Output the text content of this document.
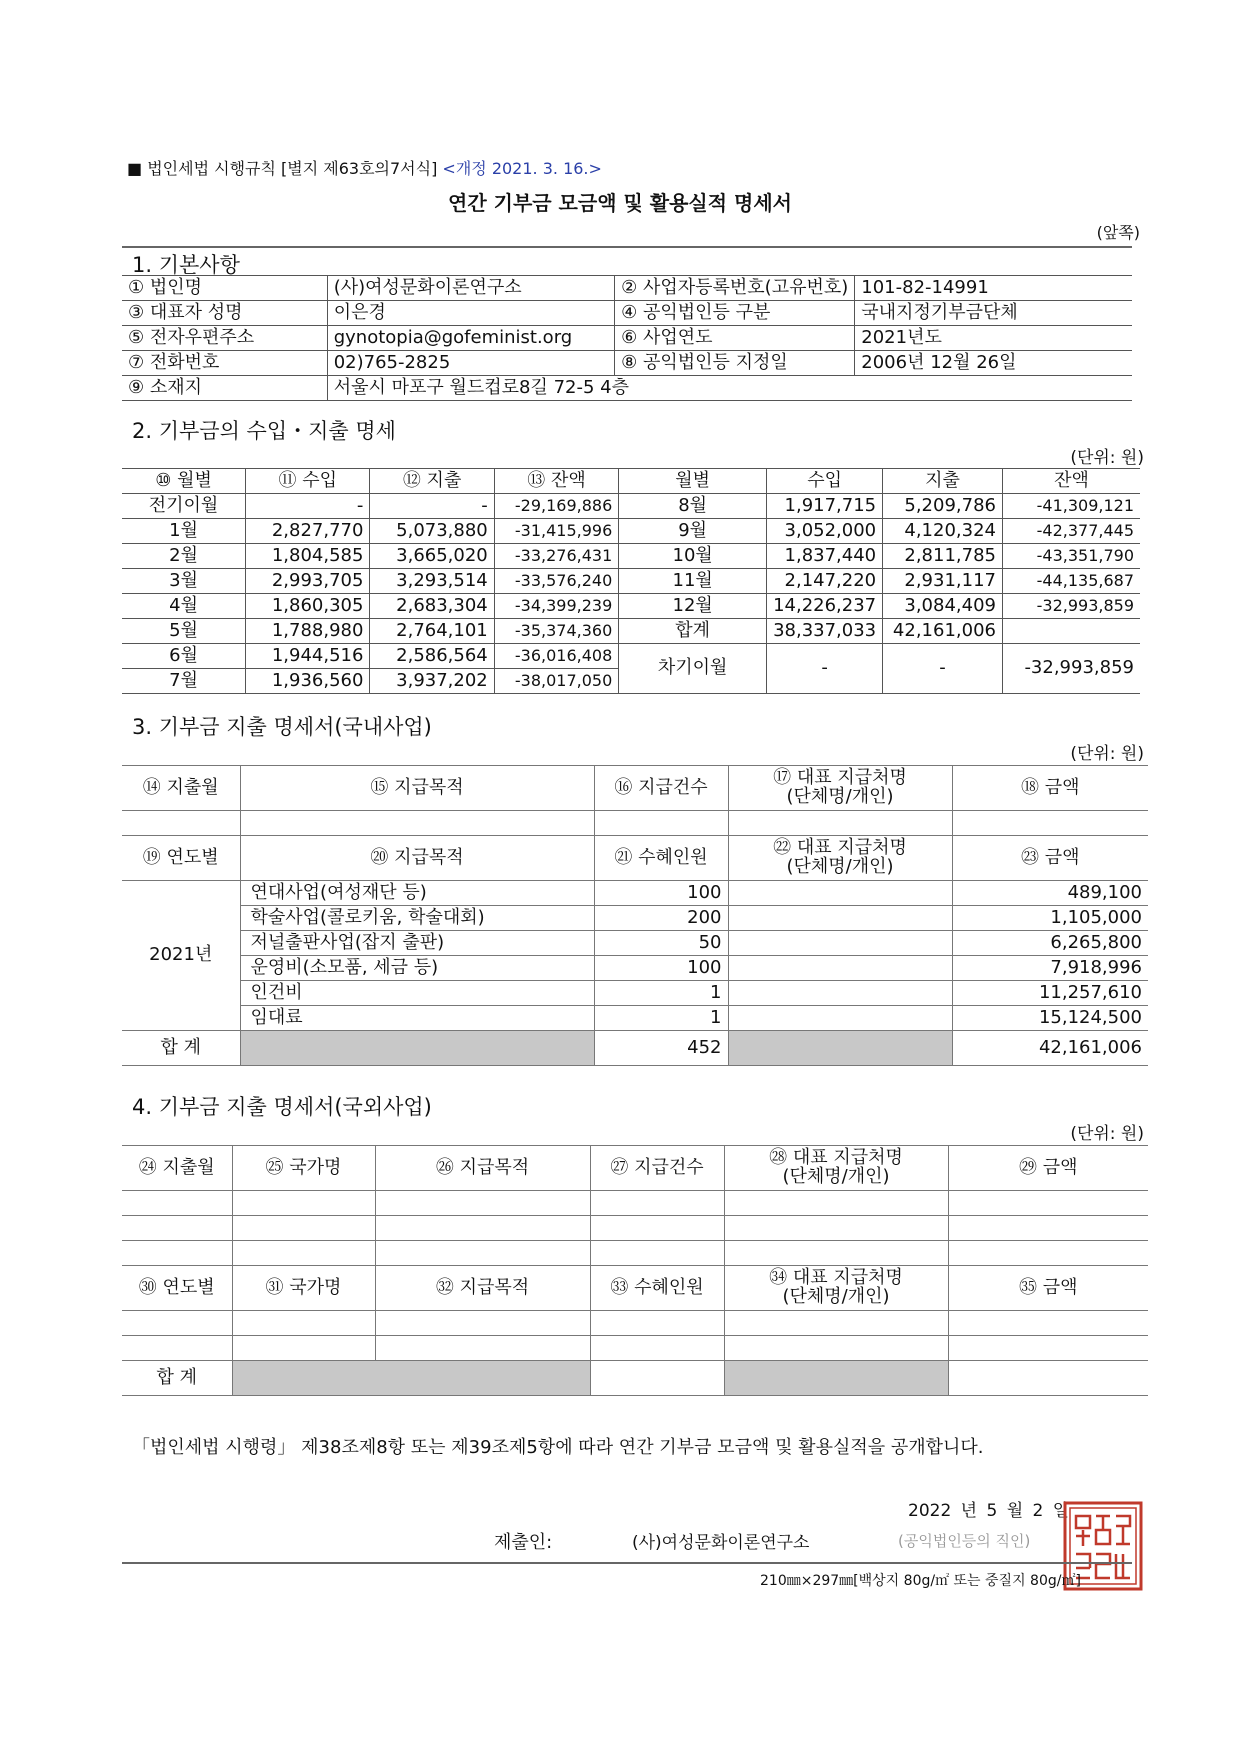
■ 법인세법 시행규칙 [별지 제63호의7서식] <개정 2021. 3. 16.>
연간 기부금 모금액 및 활용실적 명세서
(앞쪽)
1. 기본사항
① 법인명	(사)여성문화이론연구소	② 사업자등록번호(고유번호)	101-82-14991
③ 대표자 성명	이은경	④ 공익법인등 구분	국내지정기부금단체
⑤ 전자우편주소	gynotopia@gofeminist.org	⑥ 사업연도	2021년도
⑦ 전화번호	02)765-2825	⑧ 공익법인등 지정일	2006년 12월 26일
⑨ 소재지	서울시 마포구 월드컵로8길 72-5 4층		
2. 기부금의 수입・지출 명세
(단위: 원)
⑩ 월별	⑪ 수입	⑫ 지출	⑬ 잔액	월별	수입	지출	잔액
전기이월	-	-	-29,169,886	8월	1,917,715	5,209,786	-41,309,121
1월	2,827,770	5,073,880	-31,415,996	9월	3,052,000	4,120,324	-42,377,445
2월	1,804,585	3,665,020	-33,276,431	10월	1,837,440	2,811,785	-43,351,790
3월	2,993,705	3,293,514	-33,576,240	11월	2,147,220	2,931,117	-44,135,687
4월	1,860,305	2,683,304	-34,399,239	12월	14,226,237	3,084,409	-32,993,859
5월	1,788,980	2,764,101	-35,374,360	합계	38,337,033	42,161,006	
6월	1,944,516	2,586,564	-36,016,408	차기이월	-	-	-32,993,859
7월	1,936,560	3,937,202	-38,017,050				
3. 기부금 지출 명세서(국내사업)
(단위: 원)
⑭ 지출월	⑮ 지급목적	⑯ 지급건수	⑰ 대표 지급처명
(단체명/개인)	⑱ 금액

⑲ 연도별	⑳ 지급목적	㉑ 수혜인원	㉒ 대표 지급처명
(단체명/개인)	㉓ 금액
2021년	연대사업(여성재단 등)	100		489,100
	학술사업(콜로키움, 학술대회)	200		1,105,000
	저널출판사업(잡지 출판)	50		6,265,800
	운영비(소모품, 세금 등)	100		7,918,996
	인건비	1		11,257,610
	임대료	1		15,124,500
합 계		452		42,161,006
4. 기부금 지출 명세서(국외사업)
(단위: 원)
㉔ 지출월	㉕ 국가명	㉖ 지급목적	㉗ 지급건수	㉘ 대표 지급처명
(단체명/개인)	㉙ 금액

㉚ 연도별	㉛ 국가명	㉜ 지급목적	㉝ 수혜인원	㉞ 대표 지급처명
(단체명/개인)	㉟ 금액

합 계					
「법인세법 시행령」 제38조제8항 또는 제39조제5항에 따라 연간 기부금 모금액 및 활용실적을 공개합니다.
2022 년 5 월 2 일
제출인:	(사)여성문화이론연구소	(공익법인등의 직인)
210㎜×297㎜[백상지 80g/㎡ 또는 중질지 80g/㎡]
